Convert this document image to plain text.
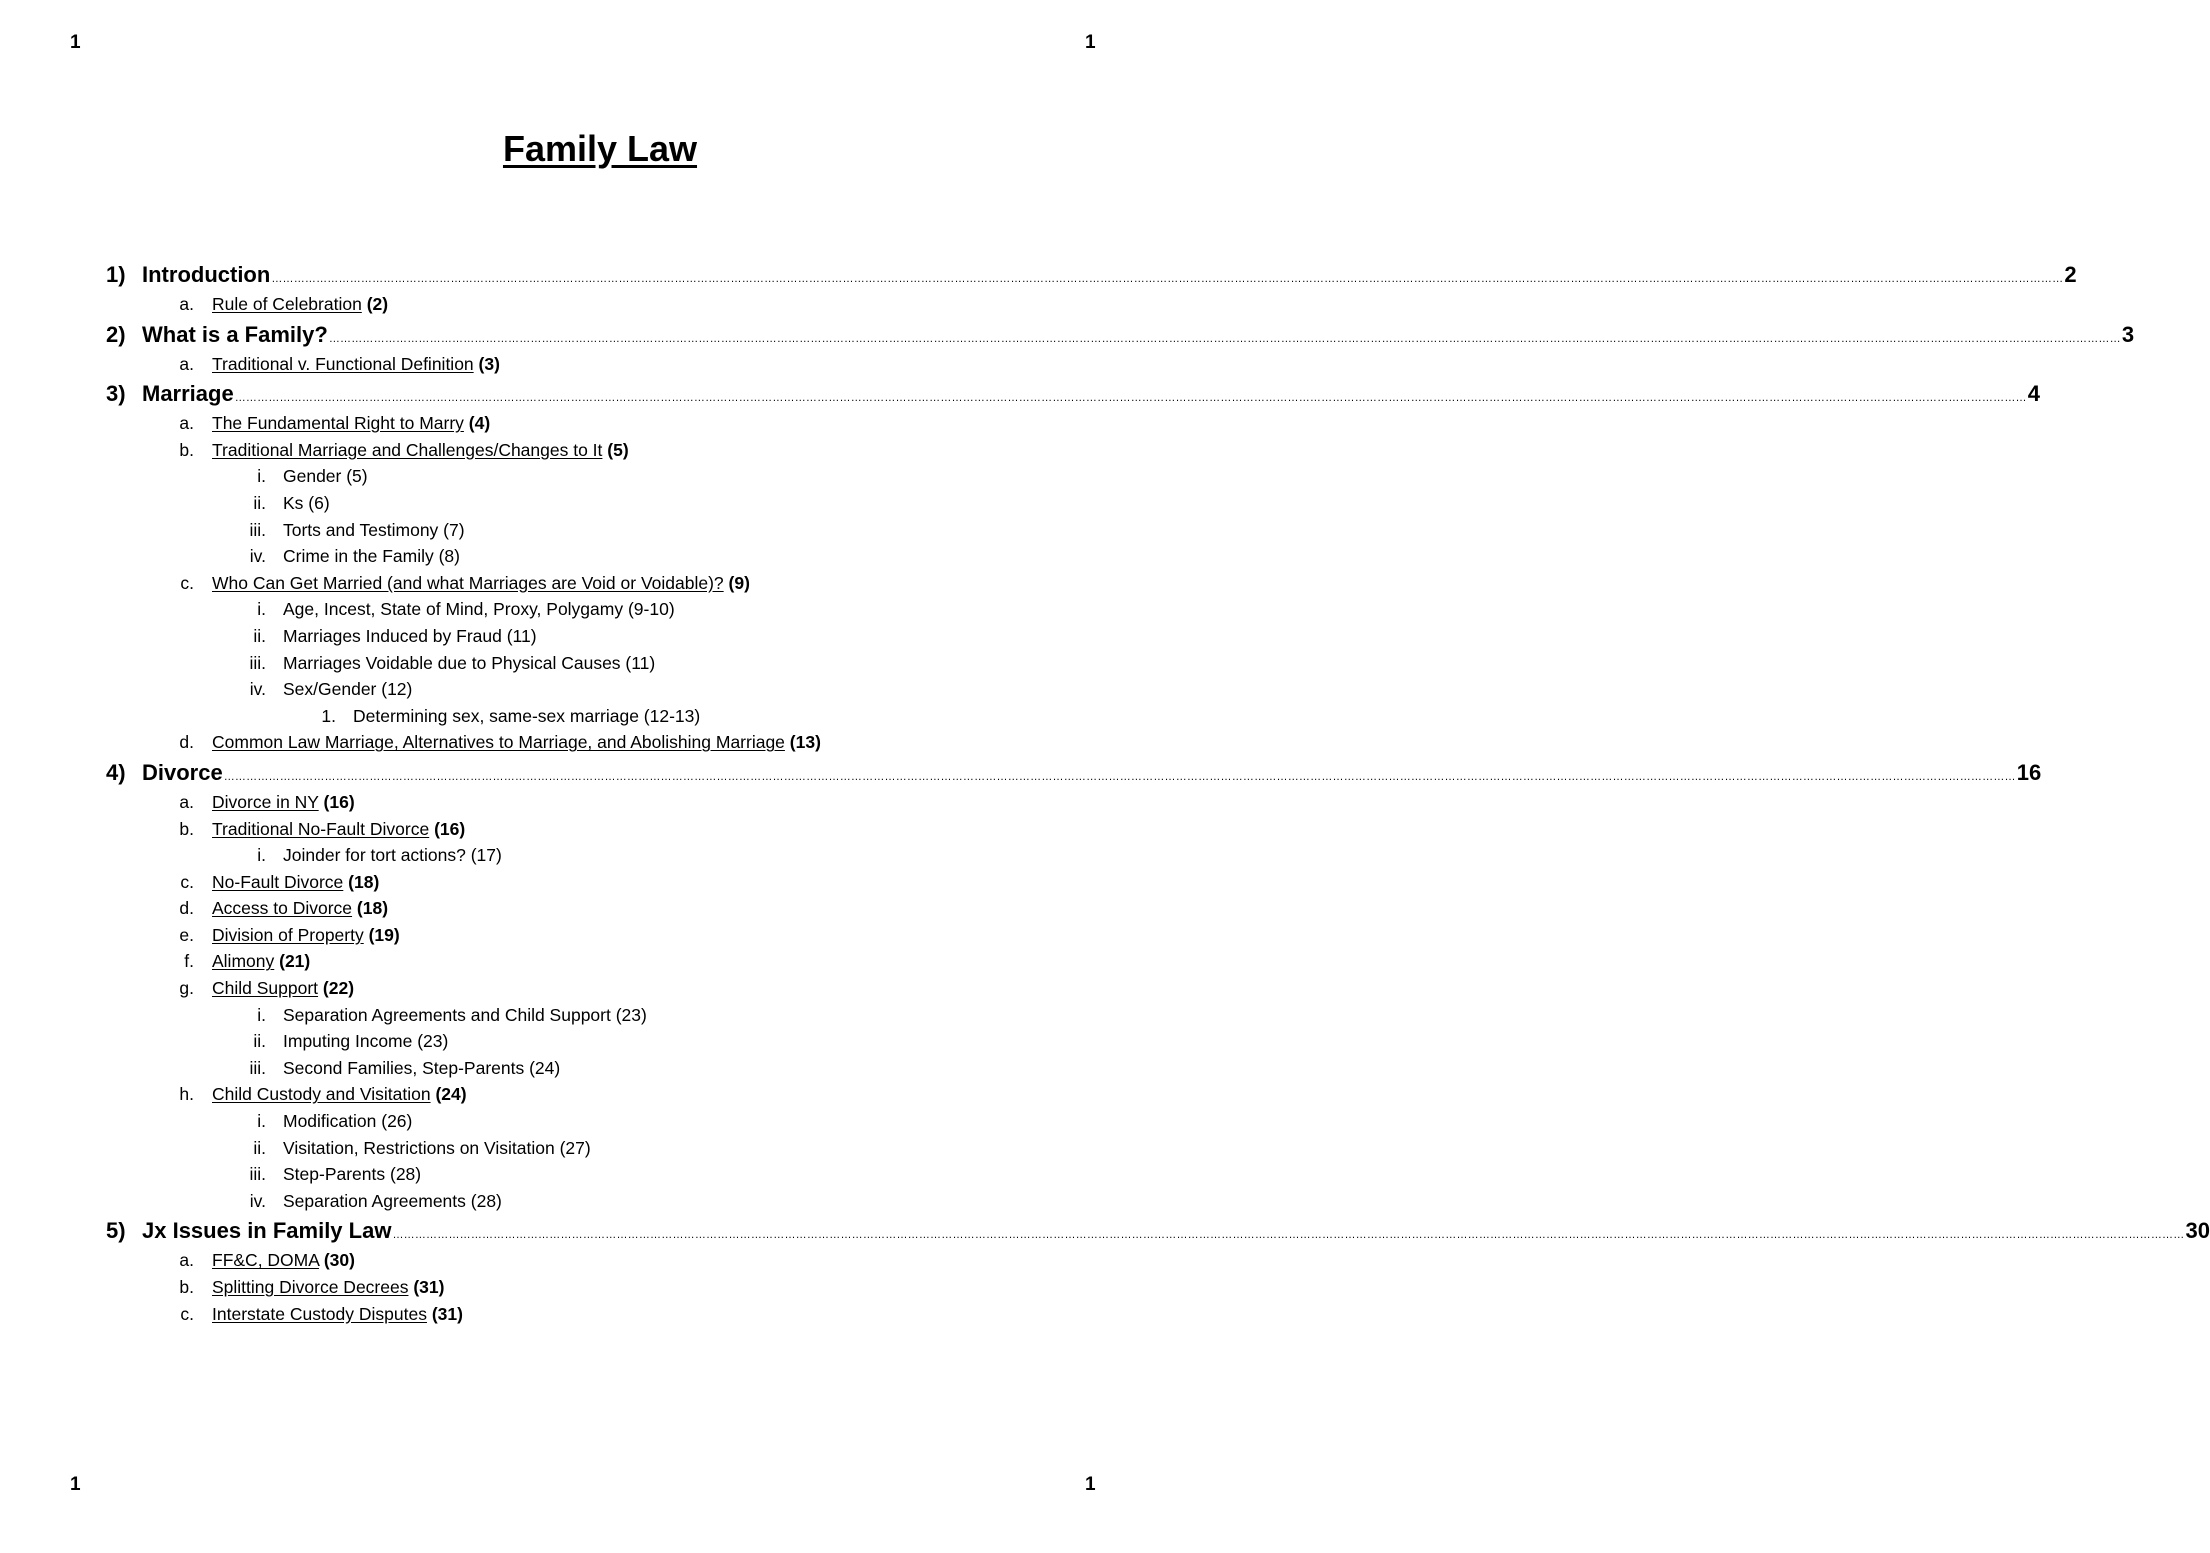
1	1
Family Law
1) Introduction ………………………………………………………………………………………………………………………………………………………………………………………………………………………………………………………………………………………………………………………………………………………………………………………………………………………………………… 2
a. Rule of Celebration (2)
2) What is a Family? ………………………………………………………………………………………………………………………………………………………………………………………………………………………………………………………………………………………………………………………………………………………………………………………………………………………………………… 3
a. Traditional v. Functional Definition (3)
3) Marriage ………………………………………………………………………………………………………………………………………………………………………………………………………………………………………………………………………………………………………………………………………………………………………………………………………………………………………… 4
a. The Fundamental Right to Marry (4)
b. Traditional Marriage and Challenges/Changes to It (5)
i. Gender (5)
ii. Ks (6)
iii. Torts and Testimony (7)
iv. Crime in the Family (8)
c. Who Can Get Married (and what Marriages are Void or Voidable)? (9)
i. Age, Incest, State of Mind, Proxy, Polygamy (9-10)
ii. Marriages Induced by Fraud (11)
iii. Marriages Voidable due to Physical Causes (11)
iv. Sex/Gender (12)
1. Determining sex, same-sex marriage (12-13)
d. Common Law Marriage, Alternatives to Marriage, and Abolishing Marriage (13)
4) Divorce ………………………………………………………………………………………………………………………………………………………………………………………………………………………………………………………………………………………………………………………………………………………………………………………………………………………………………… 16
a. Divorce in NY (16)
b. Traditional No-Fault Divorce (16)
i. Joinder for tort actions? (17)
c. No-Fault Divorce (18)
d. Access to Divorce (18)
e. Division of Property (19)
f. Alimony (21)
g. Child Support (22)
i. Separation Agreements and Child Support (23)
ii. Imputing Income (23)
iii. Second Families, Step-Parents (24)
h. Child Custody and Visitation (24)
i. Modification (26)
ii. Visitation, Restrictions on Visitation (27)
iii. Step-Parents (28)
iv. Separation Agreements (28)
5) Jx Issues in Family Law ………………………………………………………………………………………………………………………………………………………………………………………………………………………………………………………………………………………………………………………………………………………………………………………………………………………………………… 30
a. FF&C, DOMA (30)
b. Splitting Divorce Decrees (31)
c. Interstate Custody Disputes (31)
1	1
